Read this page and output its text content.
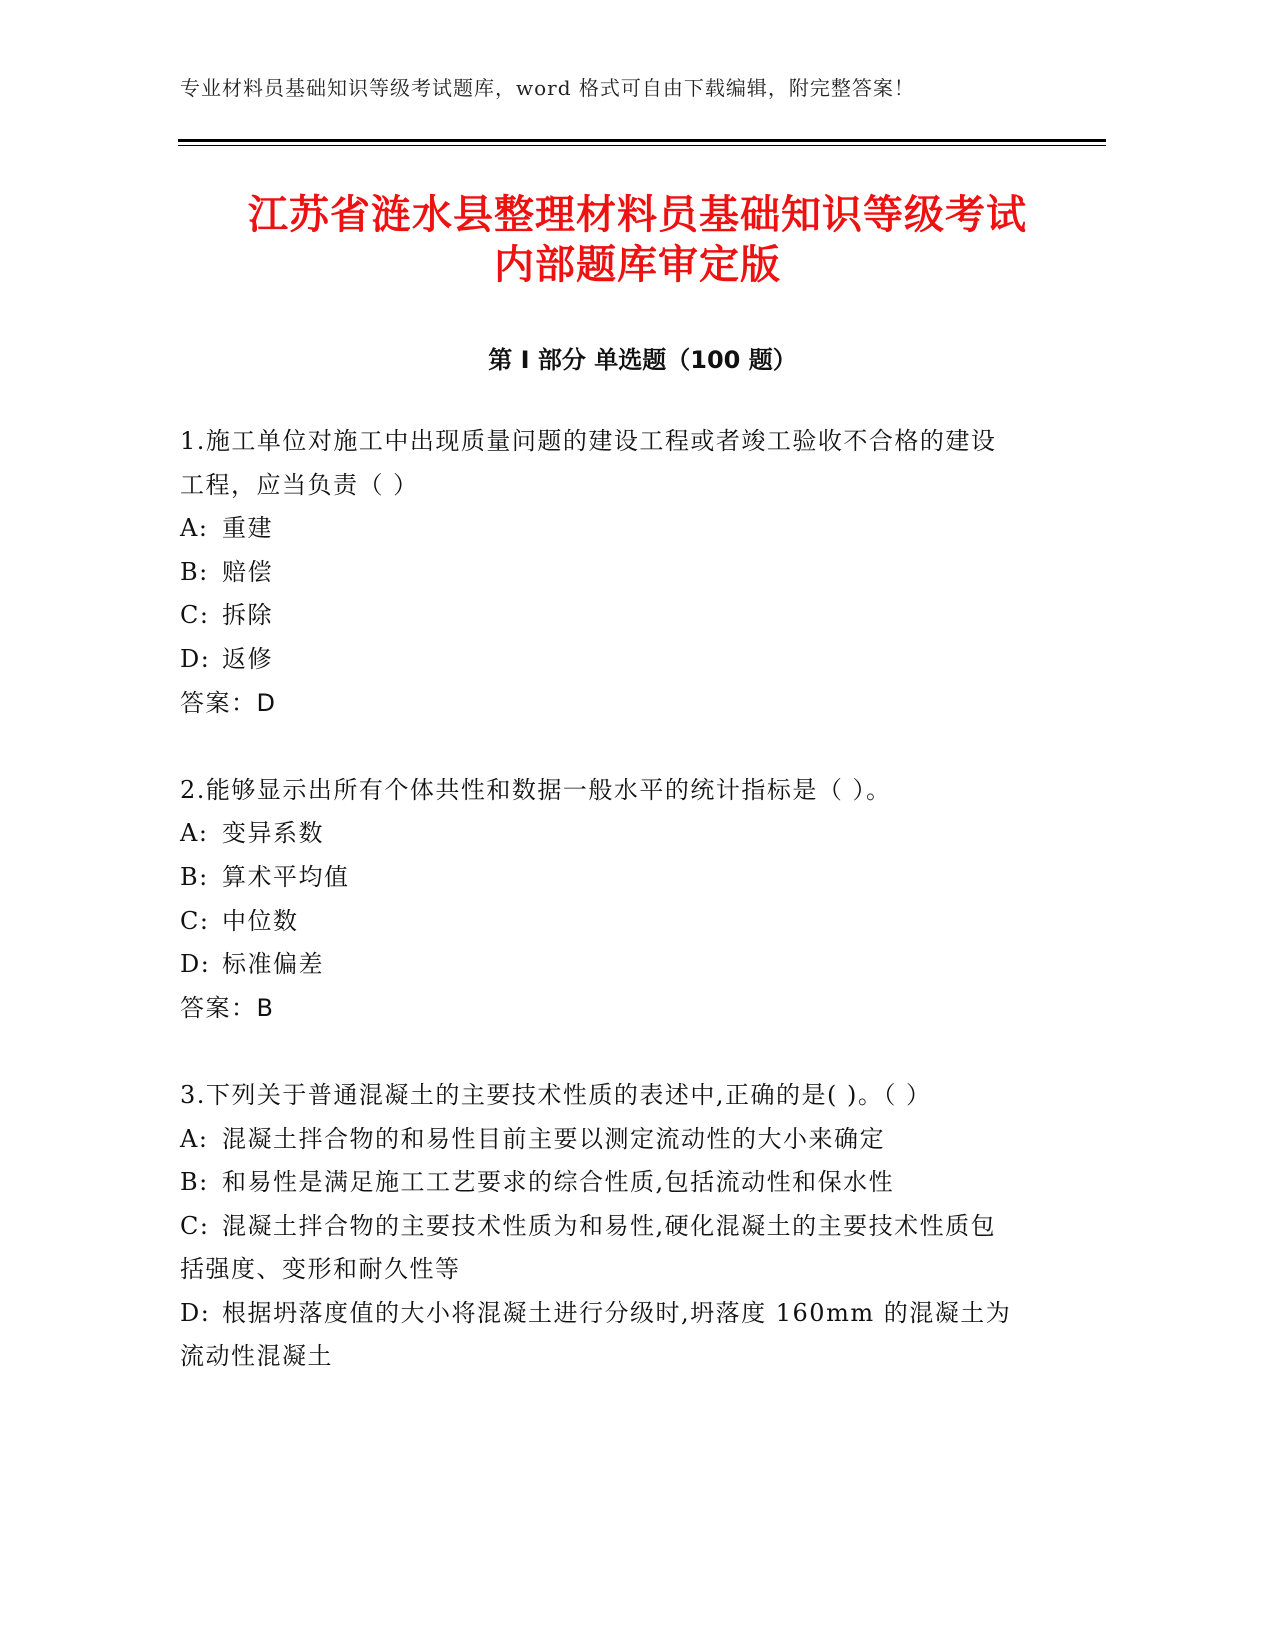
专业材料员基础知识等级考试题库，word 格式可自由下载编辑，附完整答案！
江苏省涟水县整理材料员基础知识等级考试
内部题库审定版
第 I 部分 单选题（100 题）

1.施工单位对施工中出现质量问题的建设工程或者竣工验收不合格的建设工程，应当负责（ ）

A: 重建

B: 赔偿

C: 拆除

D: 返修

答案：D

2.能够显示出所有个体共性和数据一般水平的统计指标是（ ）。

A: 变异系数

B: 算术平均值

C: 中位数

D: 标准偏差

答案：B

3.下列关于普通混凝土的主要技术性质的表述中,正确的是( )。（ ）

A: 混凝土拌合物的和易性目前主要以测定流动性的大小来确定

B: 和易性是满足施工工艺要求的综合性质,包括流动性和保水性

C: 混凝土拌合物的主要技术性质为和易性,硬化混凝土的主要技术性质包括强度、变形和耐久性等

D: 根据坍落度值的大小将混凝土进行分级时,坍落度 160mm 的混凝土为流动性混凝土
